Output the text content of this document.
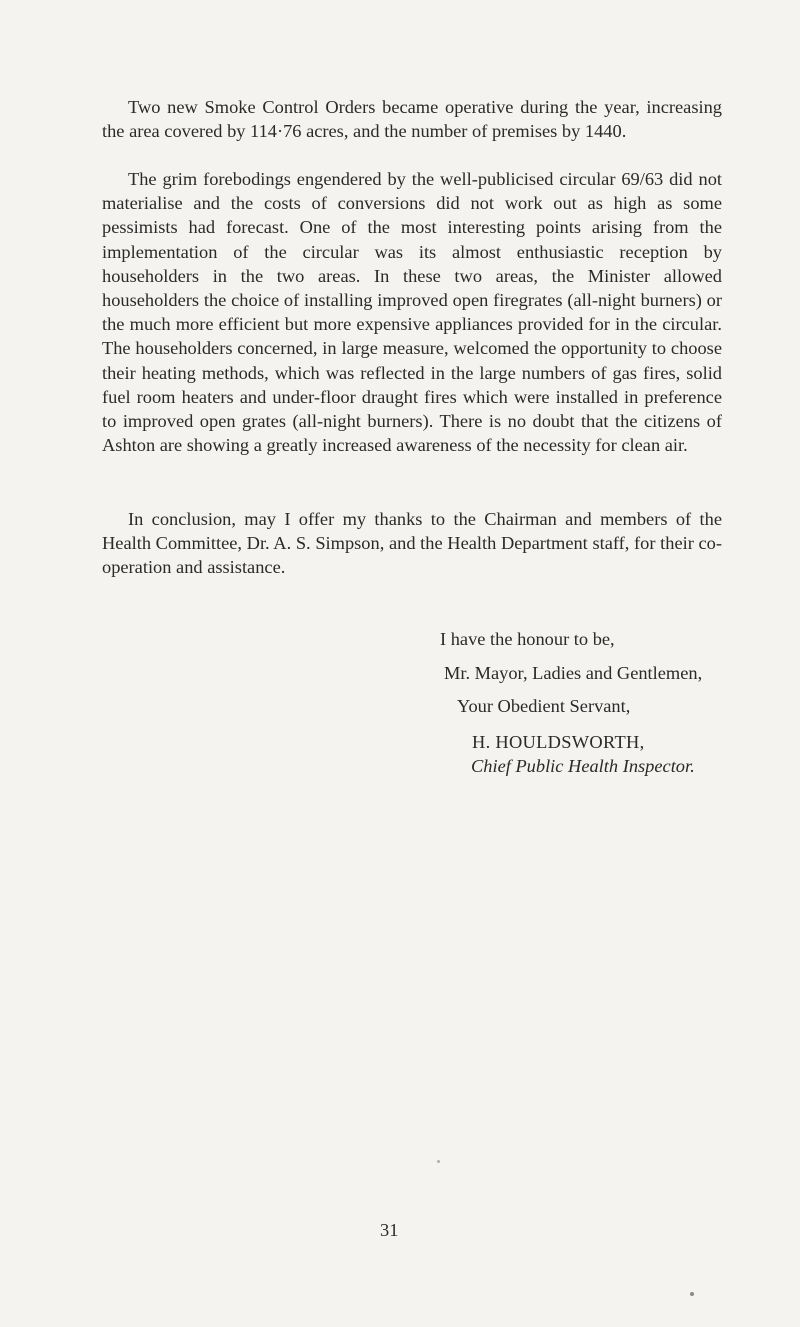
Two new Smoke Control Orders became operative during the year, increasing the area covered by 114·76 acres, and the number of premises by 1440.

The grim forebodings engendered by the well-publicised circular 69/63 did not materialise and the costs of conversions did not work out as high as some pessimists had forecast. One of the most interesting points arising from the implementation of the circular was its almost enthusiastic reception by householders in the two areas. In these two areas, the Minister allowed householders the choice of installing improved open firegrates (all-night burners) or the much more efficient but more expensive appliances provided for in the circular. The householders concerned, in large measure, welcomed the opportunity to choose their heating methods, which was reflected in the large numbers of gas fires, solid fuel room heaters and under-floor draught fires which were installed in preference to improved open grates (all-night burners). There is no doubt that the citizens of Ashton are showing a greatly increased awareness of the necessity for clean air.

In conclusion, may I offer my thanks to the Chairman and members of the Health Committee, Dr. A. S. Simpson, and the Health Department staff, for their co-operation and assistance.

I have the honour to be,

Mr. Mayor, Ladies and Gentlemen,

Your Obedient Servant,

H. HOULDSWORTH,

Chief Public Health Inspector.

31
